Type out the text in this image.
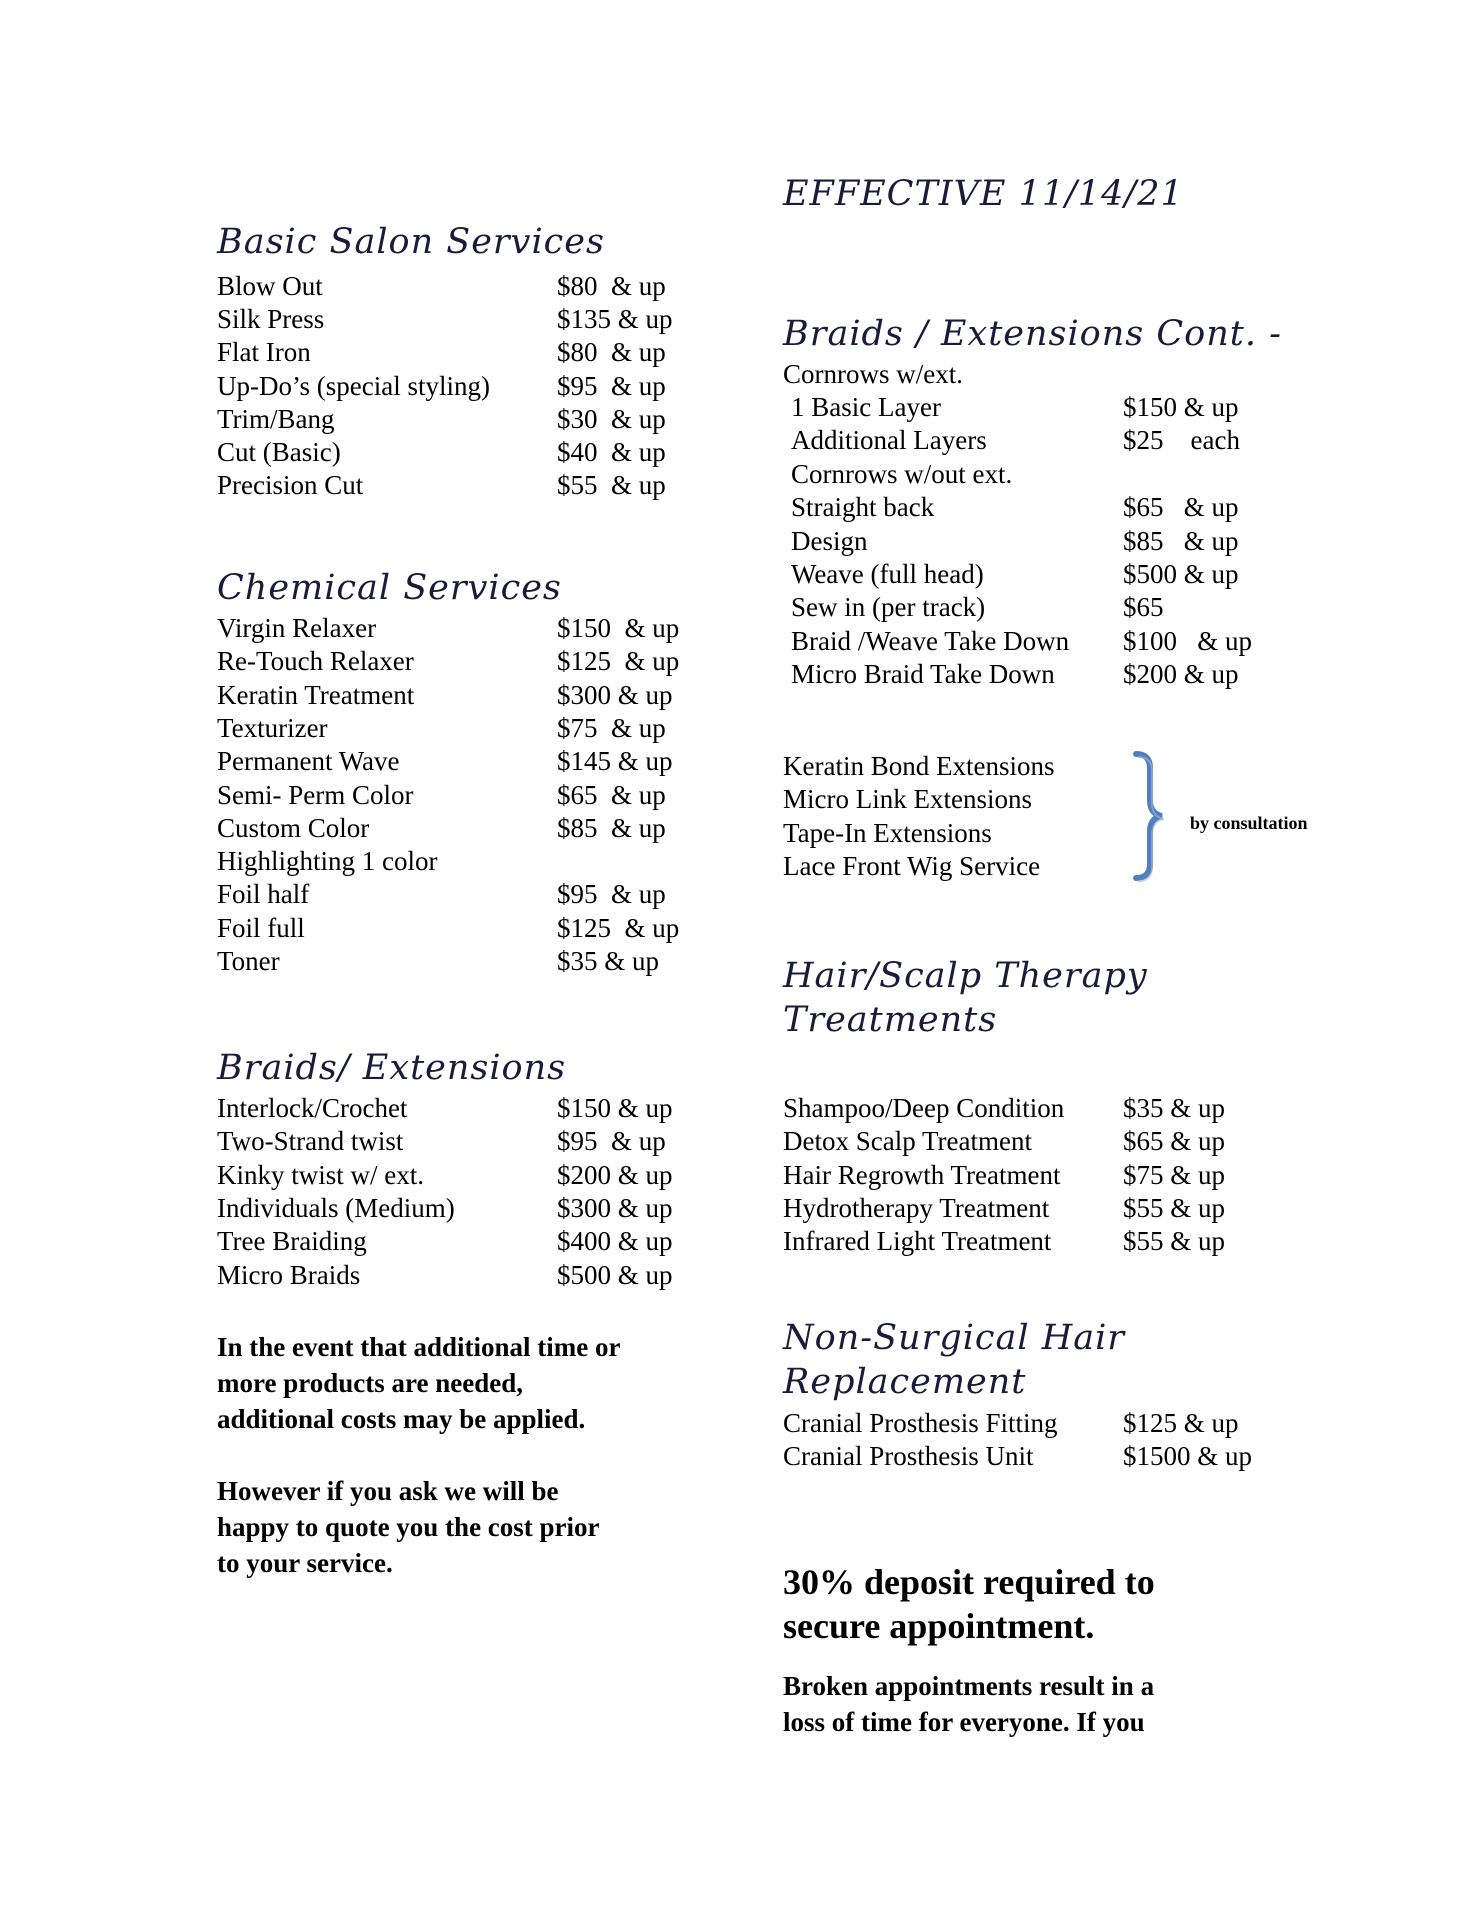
Basic Salon Services
Blow Out	$80  & up
Silk Press	$135 & up
Flat Iron	$80  & up
Up-Do’s (special styling) $95  & up
Trim/Bang	$30  & up
Cut (Basic)	$40  & up
Precision Cut	$55  & up
Chemical Services
Virgin Relaxer	$150  & up
Re-Touch Relaxer	$125  & up
Keratin Treatment	$300 & up
Texturizer	$75  & up
Permanent Wave	$145 & up
Semi- Perm Color	$65  & up
Custom Color	$85  & up
Highlighting 1 color
Foil half	$95  & up
Foil full	$125  & up
Toner	$35 & up
Braids/ Extensions
Interlock/Crochet	$150 & up
Two-Strand twist	$95  & up
Kinky twist w/ ext.	$200 & up
Individuals (Medium)	$300 & up
Tree Braiding	$400 & up
Micro Braids	$500 & up
In the event that additional time or
more products are needed,
additional costs may be applied.
However if you ask we will be
happy to quote you the cost prior
to your service.
EFFECTIVE 11/14/21
Braids / Extensions Cont. -
Cornrows w/ext.
1 Basic Layer	$150 & up
Additional Layers	$25    each
Cornrows w/out ext.
Straight back	$65   & up
Design	$85   & up
Weave (full head)	$500 & up
Sew in (per track)	$65
Braid /Weave Take Down $100   & up
Micro Braid Take Down	$200 & up
Keratin Bond Extensions
Micro Link Extensions
Tape-In Extensions
Lace Front Wig Service
by consultation
Hair/Scalp Therapy
Treatments
Shampoo/Deep Condition $35 & up
Detox Scalp Treatment	$65 & up
Hair Regrowth Treatment $75 & up
Hydrotherapy Treatment	$55 & up
Infrared Light Treatment	$55 & up
Non-Surgical Hair
Replacement
Cranial Prosthesis Fitting $125 & up
Cranial Prosthesis Unit	$1500 & up
30% deposit required to
secure appointment.
Broken appointments result in a
loss of time for everyone. If you
